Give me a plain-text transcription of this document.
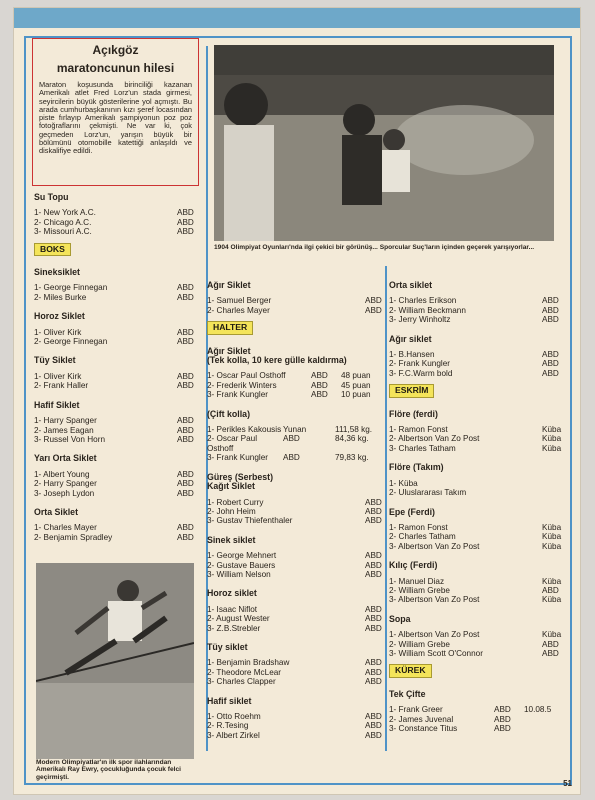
Açıkgöz
maratoncunun hilesi
Maraton koşusunda birinciliği kazanan Amerikalı atlet Fred Lorz'un stada girmesi, seyircilerin büyük gösterilerine yol açmıştı. Bu arada cumhurbaşkanının kızı şeref locasından piste fırlayıp Amerikalı şampiyonun poz poz fotoğraflarını çekmişti. Ne var ki, çok geçmeden Lorz'un, yarışın büyük bir bölümünü otomobille katettiği anlaşıldı ve diskalifiye edildi.
1904 Olimpiyat Oyunları'nda ilgi çekici bir görünüş... Sporcular Suç'ların içinden geçerek yarışıyorlar...
Modern Olimpiyatlar'ın ilk spor ilahlarından Amerikalı Ray Ewry, çocukluğunda çocuk felci geçirmişti.
Su Topu
1- New York A.C.	ABD
2- Chicago A.C.	ABD
3- Missouri A.C.	ABD
BOKS
Sineksiklet
1- George Finnegan	ABD
2- Miles Burke	ABD
Horoz Siklet
1- Oliver Kirk	ABD
2- George Finnegan	ABD
Tüy Siklet
1- Oliver Kirk	ABD
2- Frank Haller	ABD
Hafif Siklet
1- Harry Spanger	ABD
2- James Eagan	ABD
3- Russel Von Horn	ABD
Yarı Orta Siklet
1- Albert Young	ABD
2- Harry Spanger	ABD
3- Joseph Lydon	ABD
Orta Siklet
1- Charles Mayer	ABD
2- Benjamin Spradley	ABD
Ağır Siklet
1- Samuel Berger	ABD
2- Charles Mayer	ABD
HALTER
Ağır Siklet
(Tek kolla, 10 kere gülle kaldırma)
1- Oscar Paul Osthoff	ABD	48 puan
2- Frederik Winters	ABD	45 puan
3- Frank Kungler	ABD	10 puan
(Çift kolla)
1- Perikles Kakousis Yunan	111,58 kg.
2- Oscar Paul Osthoff
ABD	84,36 kg.
3- Frank Kungler	ABD	79,83 kg.
Güreş (Serbest)
Kağıt Siklet
1- Robert Curry	ABD
2- John Heim	ABD
3- Gustav Thiefenthaler	ABD
Sinek siklet
1- George Mehnert	ABD
2- Gustave Bauers	ABD
3- William Nelson	ABD
Horoz siklet
1- Isaac Niflot	ABD
2- August Wester	ABD
3- Z.B.Strebler	ABD
Tüy siklet
1- Benjamin Bradshaw	ABD
2- Theodore McLear	ABD
3- Charles Clapper	ABD
Hafif siklet
1- Otto Roehm	ABD
2- R.Tesing	ABD
3- Albert Zirkel	ABD
Orta siklet
1- Charles Erikson	ABD
2- William Beckmann	ABD
3- Jerry Winholtz	ABD
Ağır siklet
1- B.Hansen	ABD
2- Frank Kungler	ABD
3- F.C.Warm bold	ABD
ESKRİM
Flöre (ferdi)
1- Ramon Fonst	Küba
2- Albertson Van Zo Post	Küba
3- Charles Tatham	Küba
Flöre (Takım)
1- Küba
2- Uluslararası Takım
Epe (Ferdi)
1- Ramon Fonst	Küba
2- Charles Tatham	Küba
3- Albertson Van Zo Post	Küba
Kılıç (Ferdi)
1- Manuel Diaz	Küba
2- William Grebe	ABD
3- Albertson Van Zo Post	Küba
Sopa
1- Albertson Van Zo Post	Küba
2- William Grebe	ABD
3- William Scott O'Connor	ABD
KÜREK
Tek Çifte
1- Frank Greer	ABD	10.08.5
2- James Juvenal	ABD
3- Constance Titus	ABD
51
